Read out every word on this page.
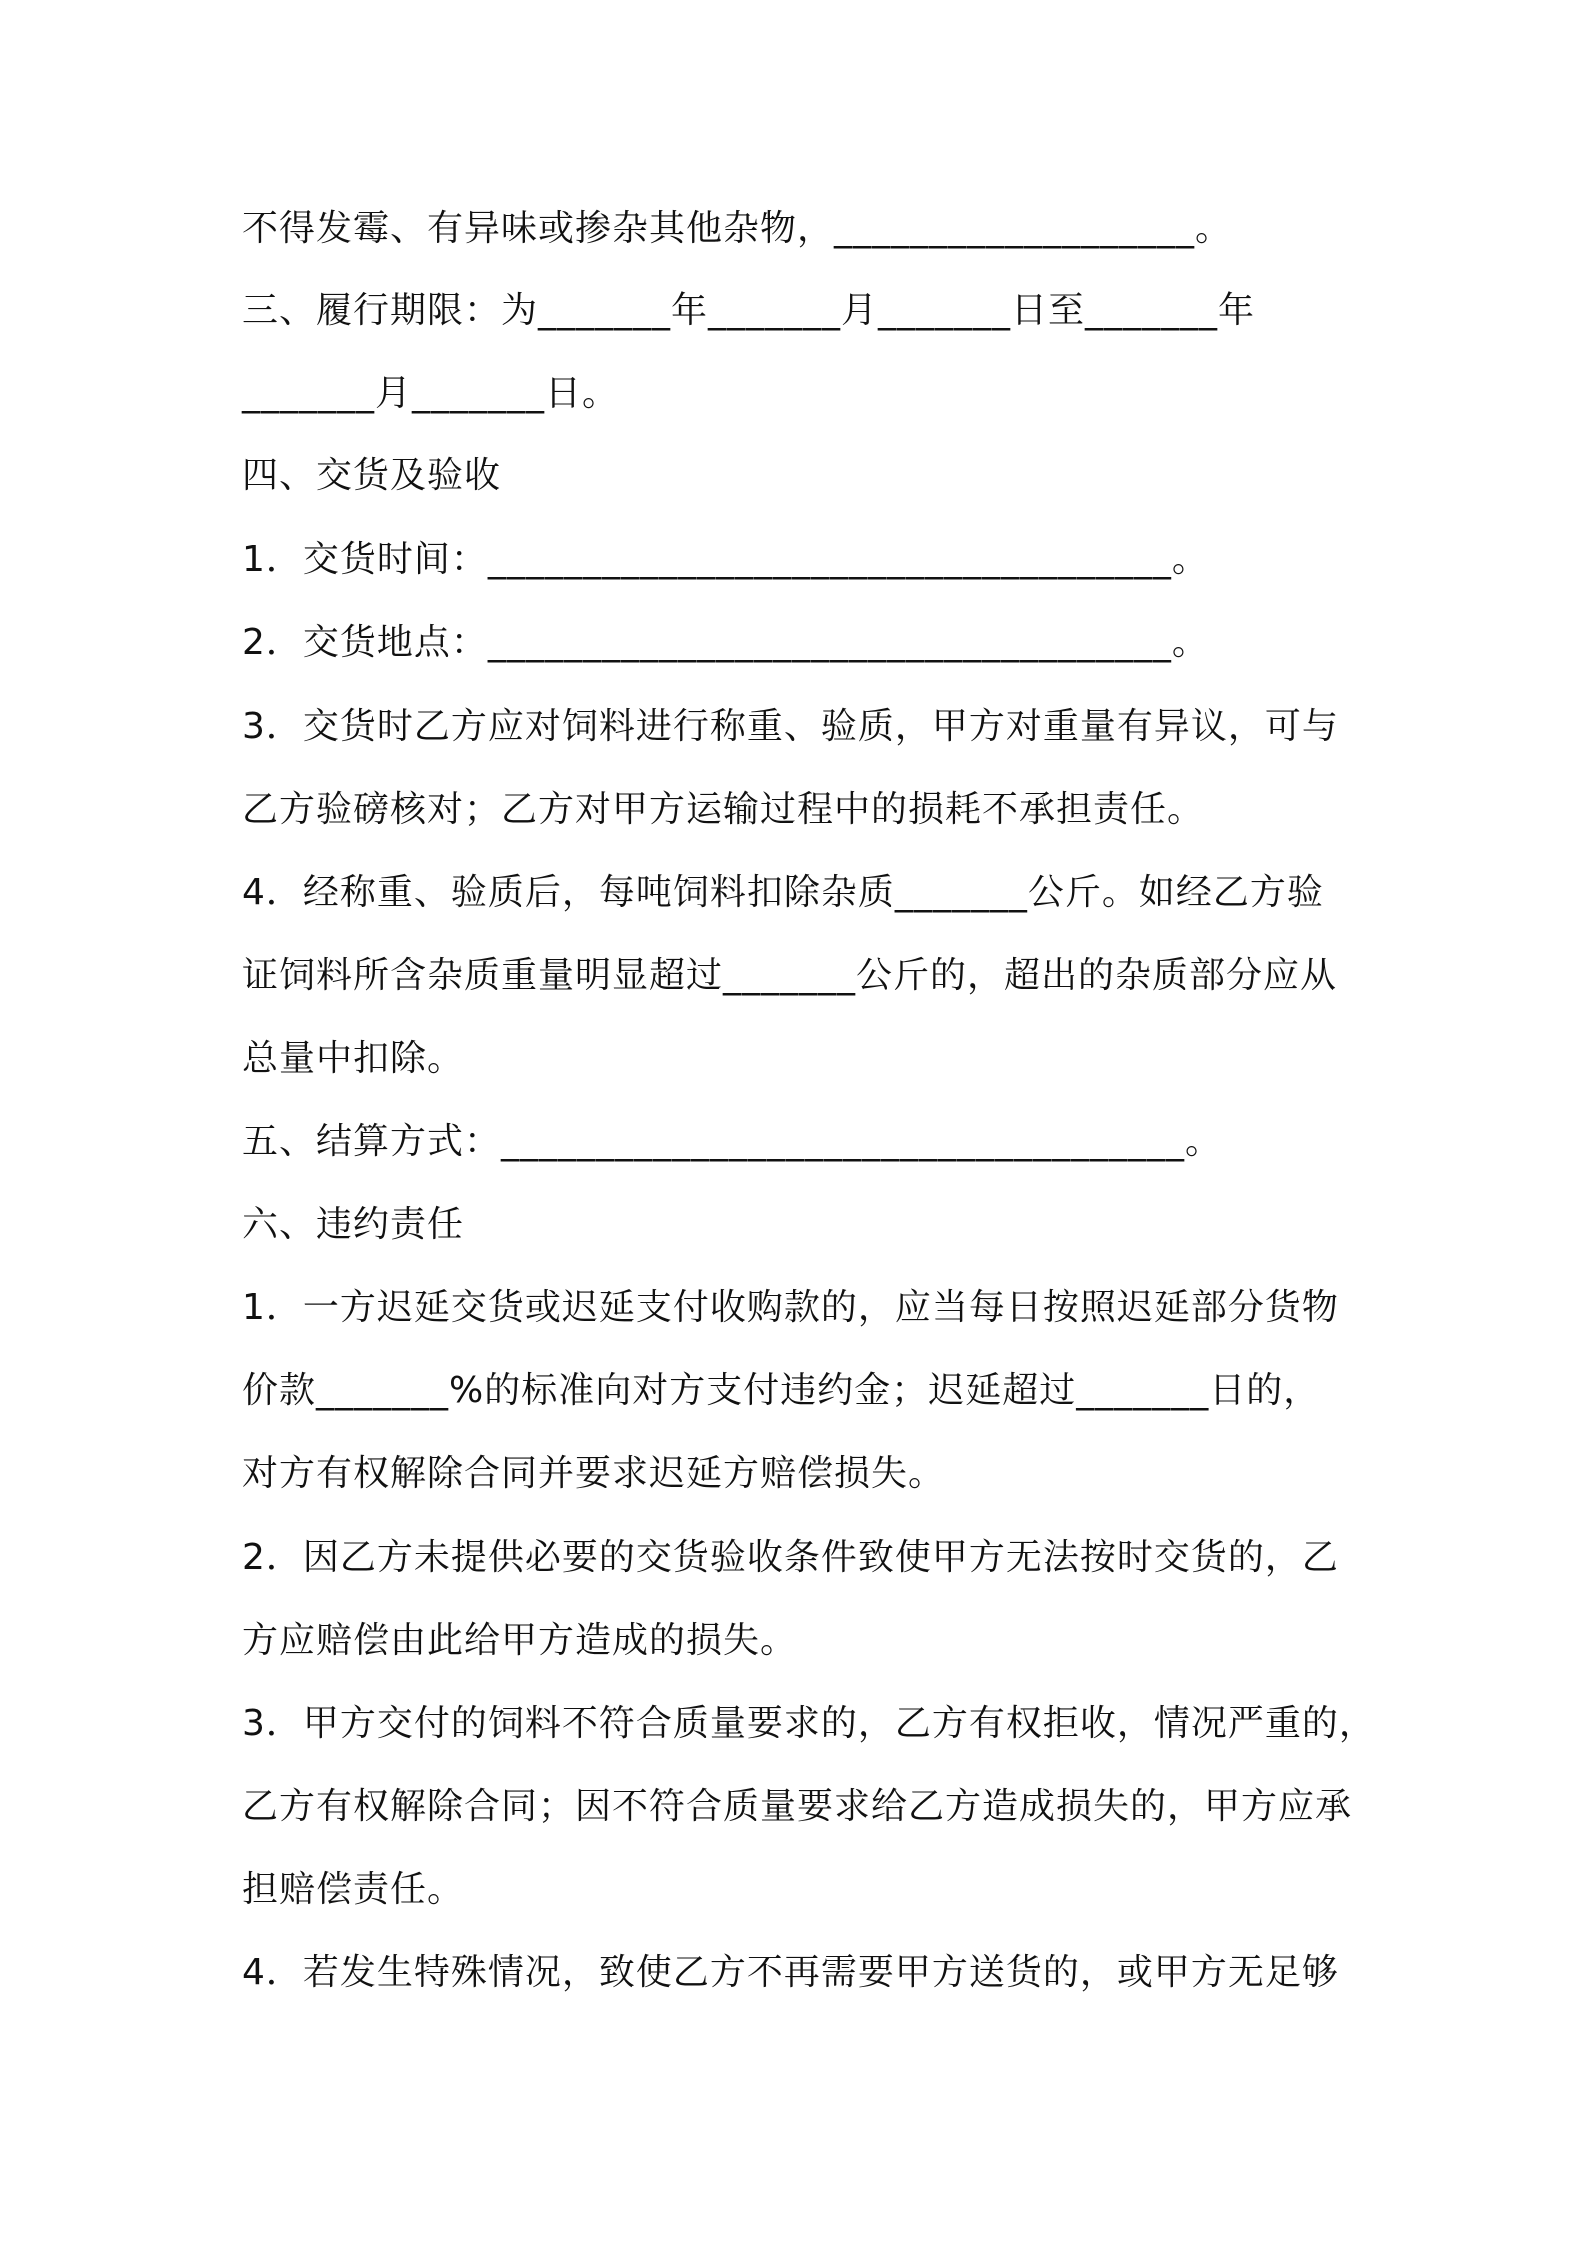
不得发霉、有异味或掺杂其他杂物，___________________。
三、履行期限：为_______年_______月_______日至_______年
_______月_______日。
四、交货及验收
1．交货时间：____________________________________。
2．交货地点：____________________________________。
3．交货时乙方应对饲料进行称重、验质，甲方对重量有异议，可与
乙方验磅核对；乙方对甲方运输过程中的损耗不承担责任。
4．经称重、验质后，每吨饲料扣除杂质_______公斤。如经乙方验
证饲料所含杂质重量明显超过_______公斤的，超出的杂质部分应从
总量中扣除。
五、结算方式：____________________________________。
六、违约责任
1．一方迟延交货或迟延支付收购款的，应当每日按照迟延部分货物
价款_______%的标准向对方支付违约金；迟延超过_______日的，
对方有权解除合同并要求迟延方赔偿损失。
2．因乙方未提供必要的交货验收条件致使甲方无法按时交货的，乙
方应赔偿由此给甲方造成的损失。
3．甲方交付的饲料不符合质量要求的，乙方有权拒收，情况严重的，
乙方有权解除合同；因不符合质量要求给乙方造成损失的，甲方应承
担赔偿责任。
4．若发生特殊情况，致使乙方不再需要甲方送货的，或甲方无足够
